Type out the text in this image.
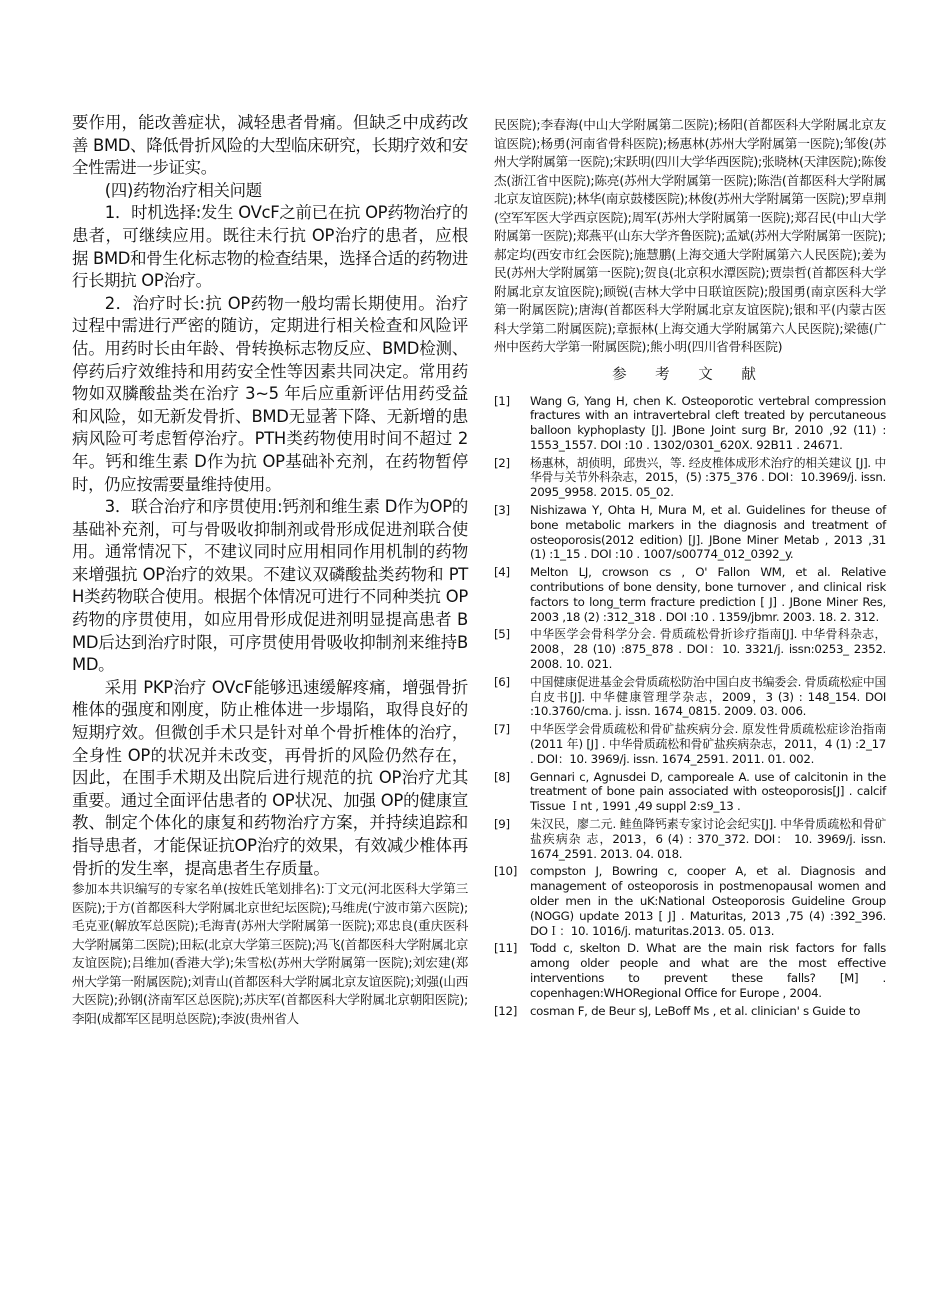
要作用，能改善症状，减轻患者骨痛。但缺乏中成药改善 BMD、降低骨折风险的大型临床研究，长期疗效和安全性需进一步证实。

(四)药物治疗相关问题

1．时机选择:发生 OVcF之前已在抗 OP药物治疗的患者，可继续应用。既往未行抗 OP治疗的患者，应根据 BMD和骨生化标志物的检查结果，选择合适的药物进行长期抗 OP治疗。

2．治疗时长:抗 OP药物一般均需长期使用。治疗过程中需进行严密的随访，定期进行相关检查和风险评估。用药时长由年龄、骨转换标志物反应、BMD检测、停药后疗效维持和用药安全性等因素共同决定。常用药物如双膦酸盐类在治疗 3~5 年后应重新评估用药受益和风险，如无新发骨折、BMD无显著下降、无新增的患病风险可考虑暂停治疗。PTH类药物使用时间不超过 2 年。钙和维生素 D作为抗 OP基础补充剂，在药物暂停时，仍应按需要量维持使用。

3．联合治疗和序贯使用:钙剂和维生素 D作为OP的基础补充剂，可与骨吸收抑制剂或骨形成促进剂联合使用。通常情况下，不建议同时应用相同作用机制的药物来增强抗 OP治疗的效果。不建议双磷酸盐类药物和 PTH类药物联合使用。根据个体情况可进行不同种类抗 OP药物的序贯使用，如应用骨形成促进剂明显提高患者 BMD后达到治疗时限，可序贯使用骨吸收抑制剂来维持BMD。

采用 PKP治疗 OVcF能够迅速缓解疼痛，增强骨折椎体的强度和刚度，防止椎体进一步塌陷，取得良好的短期疗效。但微创手术只是针对单个骨折椎体的治疗，全身性 OP的状况并未改变，再骨折的风险仍然存在，因此，在围手术期及出院后进行规范的抗 OP治疗尤其重要。通过全面评估患者的 OP状况、加强 OP的健康宣教、制定个体化的康复和药物治疗方案，并持续追踪和指导患者，才能保证抗OP治疗的效果，有效减少椎体再骨折的发生率，提高患者生存质量。

参加本共识编写的专家名单(按姓氏笔划排名):丁文元(河北医科大学第三医院);于方(首都医科大学附属北京世纪坛医院);马维虎(宁波市第六医院);毛克亚(解放军总医院);毛海青(苏州大学附属第一医院);邓忠良(重庆医科大学附属第二医院);田耘(北京大学第三医院);冯飞(首都医科大学附属北京友谊医院);吕维加(香港大学);朱雪松(苏州大学附属第一医院);刘宏建(郑州大学第一附属医院);刘青山(首都医科大学附属北京友谊医院);刘强(山西大医院);孙钢(济南军区总医院);苏庆军(首都医科大学附属北京朝阳医院);李阳(成都军区昆明总医院);李波(贵州省人

民医院);李春海(中山大学附属第二医院);杨阳(首都医科大学附属北京友谊医院);杨勇(河南省骨科医院);杨惠林(苏州大学附属第一医院);邹俊(苏州大学附属第一医院);宋跃明(四川大学华西医院);张晓林(天津医院);陈俊杰(浙江省中医院);陈亮(苏州大学附属第一医院);陈浩(首都医科大学附属北京友谊医院);林华(南京鼓楼医院);林俊(苏州大学附属第一医院);罗卓荆(空军军医大学西京医院);周军(苏州大学附属第一医院);郑召民(中山大学附属第一医院);郑燕平(山东大学齐鲁医院);孟斌(苏州大学附属第一医院);郝定均(西安市红会医院);施慧鹏(上海交通大学附属第六人民医院);姜为民(苏州大学附属第一医院);贺良(北京积水潭医院);贾崇哲(首都医科大学附属北京友谊医院);顾锐(吉林大学中日联谊医院);殷国勇(南京医科大学第一附属医院);唐海(首都医科大学附属北京友谊医院);银和平(内蒙古医科大学第二附属医院);章振林(上海交通大学附属第六人民医院);梁德(广州中医药大学第一附属医院);熊小明(四川省骨科医院)

参 考 文 献
[1]	Wang G, Yang H, chen K. Osteoporotic vertebral compression fractures with an intravertebral cleft treated by percutaneous balloon kyphoplasty [J]. JBone Joint surg Br, 2010 ,92 (11) : 1553_1557. DOI :10 . 1302/0301_620X. 92B11 . 24671.
[2]	杨惠林，胡侦明，邱贵兴，等. 经皮椎体成形术治疗的相关建议 [J]. 中华骨与关节外科杂志，2015，(5) :375_376 . DOI：10.3969/j. issn. 2095_9958. 2015. 05_02.
[3]	Nishizawa Y, Ohta H, Mura M, et al. Guidelines for theuse of bone metabolic markers in the diagnosis and treatment of osteoporosis(2012 edition) [J]. JBone Miner Metab , 2013 ,31 (1) :1_15 . DOI :10 . 1007/s00774_012_0392_y.
[4]	Melton LJ, crowson cs , O' Fallon WM, et al. Relative contributions of bone density, bone turnover , and clinical risk factors to long_term fracture prediction [ J] . JBone Miner Res, 2003 ,18 (2) :312_318 . DOI :10 . 1359/jbmr. 2003. 18. 2. 312.
[5]	中华医学会骨科学分会. 骨质疏松骨折诊疗指南[J]. 中华骨科杂志，2008，28 (10) :875_878 . DOI：10. 3321/j. issn:0253_ 2352. 2008. 10. 021.
[6]	中国健康促进基金会骨质疏松防治中国白皮书编委会. 骨质疏松症中国白皮书[J]. 中华健康管理学杂志，2009，3 (3) : 148_154. DOI :10.3760/cma. j. issn. 1674_0815. 2009. 03. 006.
[7]	中华医学会骨质疏松和骨矿盐疾病分会. 原发性骨质疏松症诊治指南(2011 年) [J] . 中华骨质疏松和骨矿盐疾病杂志，2011，4 (1) :2_17 . DOI：10. 3969/j. issn. 1674_2591. 2011. 01. 002.
[8]	Gennari c, Agnusdei D, camporeale A. use of calcitonin in the treatment of bone pain associated with osteoporosis[J] . calcif Tissue Ｉnt , 1991 ,49 suppl 2:s9_13 .
[9]	朱汉民，廖二元. 鲑鱼降钙素专家讨论会纪实[J]. 中华骨质疏松和骨矿盐疾病杂 志，2013，6 (4) : 370_372. DOI： 10. 3969/j. issn. 1674_2591. 2013. 04. 018.
[10]	compston J, Bowring c, cooper A, et al. Diagnosis and management of osteoporosis in postmenopausal women and older men in the uK:National Osteoporosis Guideline Group (NOGG) update 2013 [ J] . Maturitas, 2013 ,75 (4) :392_396. DOＩ：10. 1016/j. maturitas.2013. 05. 013.
[11]	Todd c, skelton D. What are the main risk factors for falls among older people and what are the most effective interventions to prevent these falls? [M] . copenhagen:WHORegional Office for Europe , 2004.
[12]	cosman F, de Beur sJ, LeBoff Ms , et al. clinician' s Guide to
